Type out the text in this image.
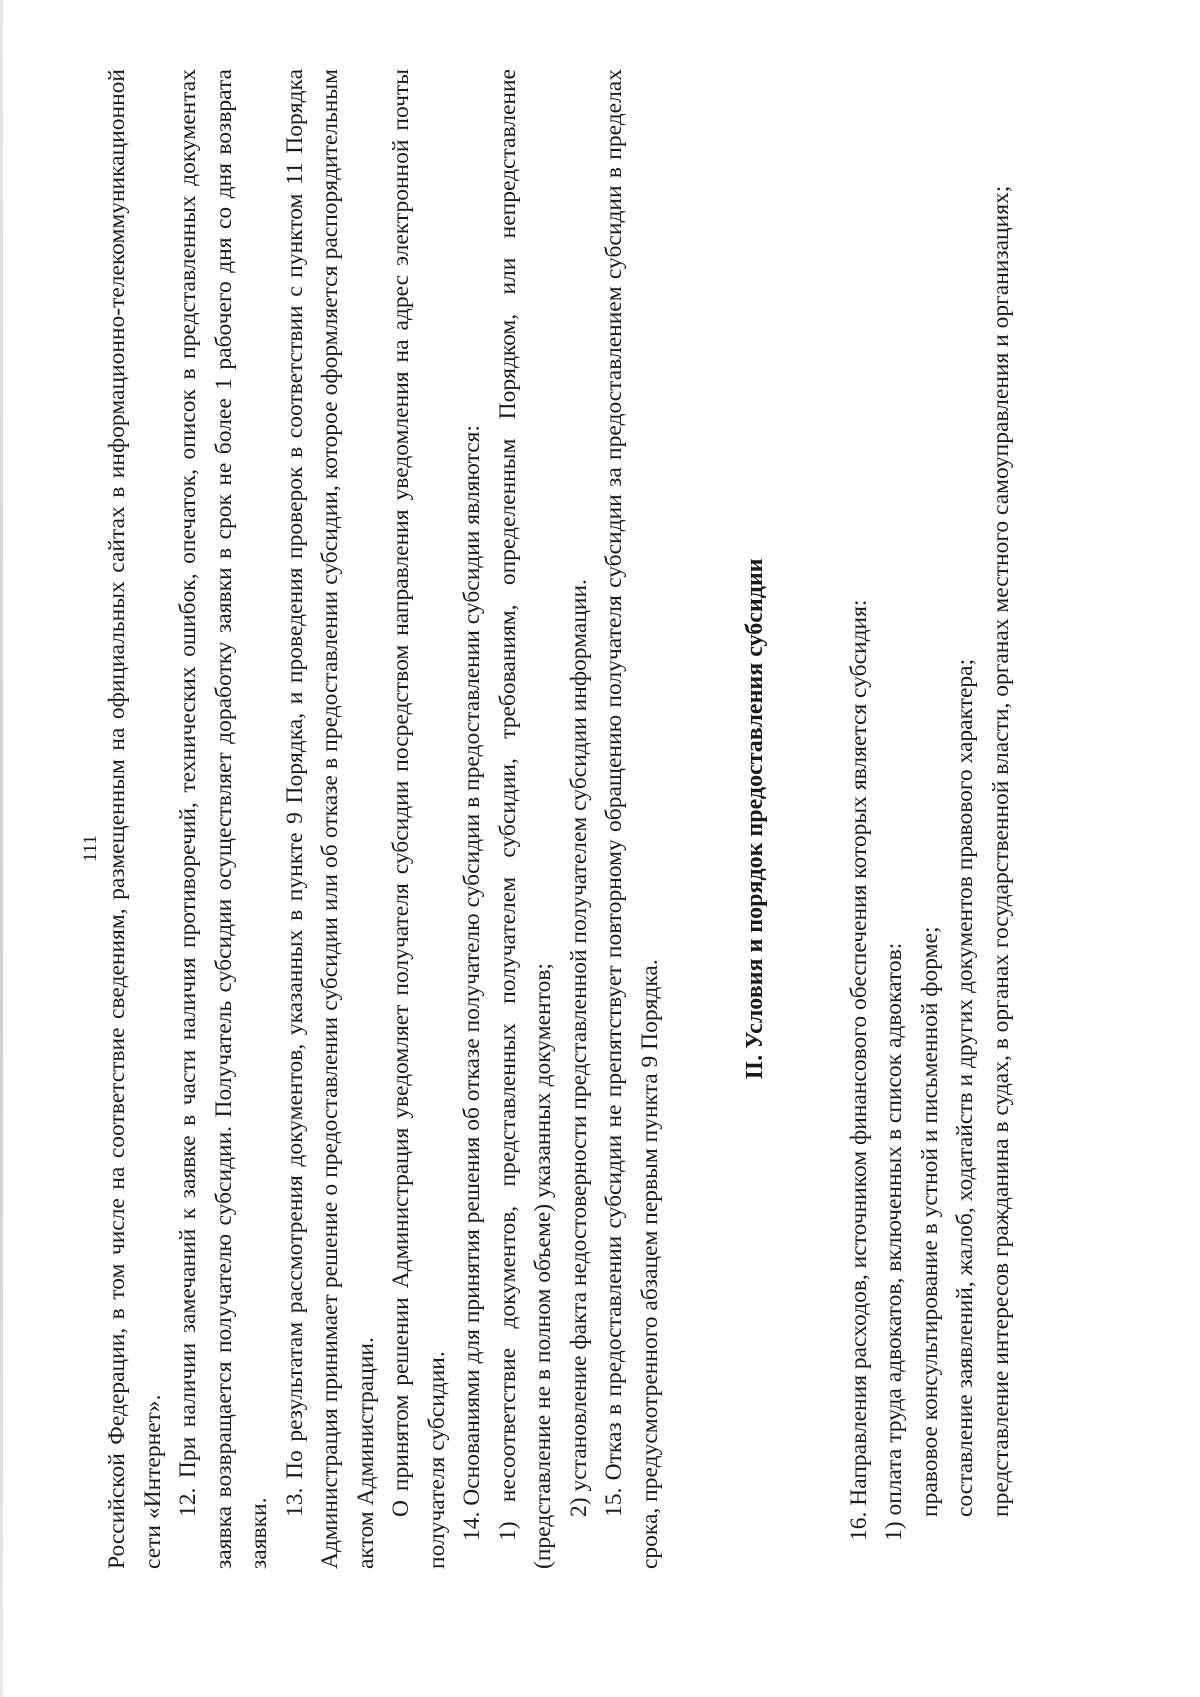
111 Российской Федерации, в том числе на соответствие сведениям, размещенным на официальных сайтах в информационно-телекоммуникационной сети «Интернет». 12. При наличии замечаний к заявке в части наличия противоречий, технических ошибок, опечаток, описок в представленных документах заявка возвращается получателю субсидии. Получатель субсидии осуществляет доработку заявки в срок не более 1 рабочего дня со дня возврата заявки.

13. По результатам рассмотрения документов, указанных в пункте 9 Порядка, и проведения проверок в соответствии с пунктом 11 Порядка Администрация принимает решение о предоставлении субсидии или об отказе в предоставлении субсидии, которое оформляется распорядительным актом Администрации. О принятом решении Администрация уведомляет получателя субсидии посредством направления уведомления на адрес электронной почты получателя субсидии. 14. Основаниями для принятия решения об отказе получателю субсидии в предоставлении субсидии являются: 1) несоответствие документов, представленных получателем субсидии, требованиям, определенным Порядком, или непредставление (представление не в полном объеме) указанных документов; 2) установление факта недостоверности представленной получателем субсидии информации. 15. Отказ в предоставлении субсидии не препятствует повторному обращению получателя субсидии за предоставлением субсидии в пределах срока, предусмотренного абзацем первым пункта 9 Порядка.

II. Условия и порядок предоставления субсидии	16. Направления расходов, источником финансового обеспечения которых является субсидия: 1) оплата труда адвокатов, включенных в список адвокатов: правовое консультирование в устной и письменной форме; составление заявлений, жалоб, ходатайств и других документов правового характера; представление интересов гражданина в судах, в органах государственной власти, органах местного самоуправления и организациях;
